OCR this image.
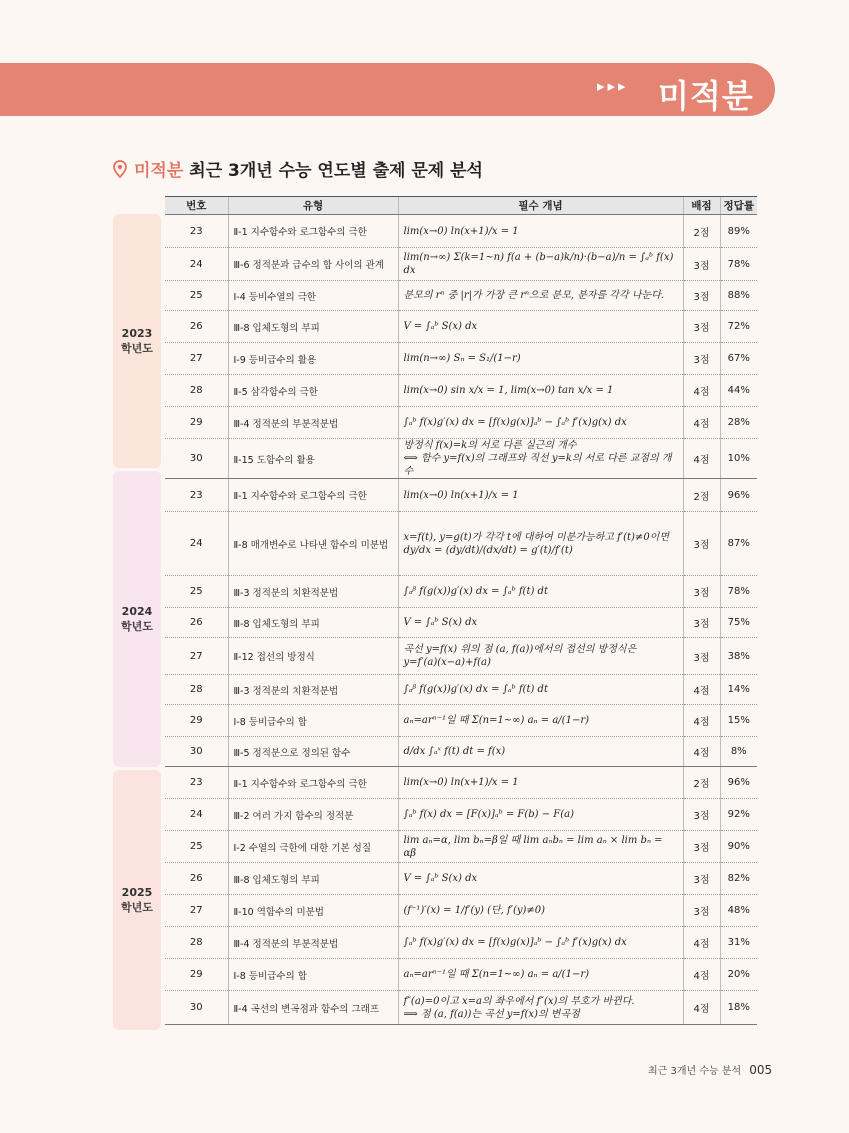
▸▸▸ 미적분
미적분 최근 3개년 수능 연도별 출제 문제 분석
2023
학년도
2024
학년도
2025
학년도
번호	유형	필수 개념	배점	정답률
23	Ⅱ-1 지수함수와 로그함수의 극한	lim(x→0) ln(x+1)/x = 1	2점	89%
24	Ⅲ-6 정적분과 급수의 합 사이의 관계	lim(n→∞) Σ(k=1~n) f(a + (b−a)k/n)·(b−a)/n = ∫ₐᵇ f(x) dx	3점	78%
25	Ⅰ-4 등비수열의 극한	분모의 rⁿ 중 |r|가 가장 큰 rⁿ으로 분모, 분자를 각각 나눈다.	3점	88%
26	Ⅲ-8 입체도형의 부피	V = ∫ₐᵇ S(x) dx	3점	72%
27	Ⅰ-9 등비급수의 활용	lim(n→∞) Sₙ = S₁/(1−r)	3점	67%
28	Ⅱ-5 삼각함수의 극한	lim(x→0) sin x/x = 1, lim(x→0) tan x/x = 1	4점	44%
29	Ⅲ-4 정적분의 부분적분법	∫ₐᵇ f(x)g′(x) dx = [f(x)g(x)]ₐᵇ − ∫ₐᵇ f′(x)g(x) dx	4점	28%
30	Ⅱ-15 도함수의 활용	방정식 f(x)=k의 서로 다른 실근의 개수
⟺ 함수 y=f(x)의 그래프와 직선 y=k의 서로 다른 교점의 개수	4점	10%
23	Ⅱ-1 지수함수와 로그함수의 극한	lim(x→0) ln(x+1)/x = 1	2점	96%
24	Ⅱ-8 매개변수로 나타낸 함수의 미분법	x=f(t), y=g(t)가 각각 t에 대하여 미분가능하고 f′(t)≠0이면
dy/dx = (dy/dt)/(dx/dt) = g′(t)/f′(t)	3점	87%
25	Ⅲ-3 정적분의 치환적분법	∫ₐᵝ f(g(x))g′(x) dx = ∫ₐᵇ f(t) dt	3점	78%
26	Ⅲ-8 입체도형의 부피	V = ∫ₐᵇ S(x) dx	3점	75%
27	Ⅱ-12 접선의 방정식	곡선 y=f(x) 위의 점 (a, f(a))에서의 접선의 방정식은
y=f′(a)(x−a)+f(a)	3점	38%
28	Ⅲ-3 정적분의 치환적분법	∫ₐᵝ f(g(x))g′(x) dx = ∫ₐᵇ f(t) dt	4점	14%
29	Ⅰ-8 등비급수의 합	aₙ=arⁿ⁻¹일 때 Σ(n=1~∞) aₙ = a/(1−r)	4점	15%
30	Ⅲ-5 정적분으로 정의된 함수	d/dx ∫ₐˣ f(t) dt = f(x)	4점	8%
23	Ⅱ-1 지수함수와 로그함수의 극한	lim(x→0) ln(x+1)/x = 1	2점	96%
24	Ⅲ-2 여러 가지 함수의 정적분	∫ₐᵇ f(x) dx = [F(x)]ₐᵇ = F(b) − F(a)	3점	92%
25	Ⅰ-2 수열의 극한에 대한 기본 성질	lim aₙ=α, lim bₙ=β일 때 lim aₙbₙ = lim aₙ × lim bₙ = αβ	3점	90%
26	Ⅲ-8 입체도형의 부피	V = ∫ₐᵇ S(x) dx	3점	82%
27	Ⅱ-10 역함수의 미분법	(f⁻¹)′(x) = 1/f′(y) (단, f′(y)≠0)	3점	48%
28	Ⅲ-4 정적분의 부분적분법	∫ₐᵇ f(x)g′(x) dx = [f(x)g(x)]ₐᵇ − ∫ₐᵇ f′(x)g(x) dx	4점	31%
29	Ⅰ-8 등비급수의 합	aₙ=arⁿ⁻¹일 때 Σ(n=1~∞) aₙ = a/(1−r)	4점	20%
30	Ⅱ-4 곡선의 변곡점과 함수의 그래프	f″(a)=0이고 x=a의 좌우에서 f″(x)의 부호가 바뀐다.
⟹ 점 (a, f(a))는 곡선 y=f(x)의 변곡점	4점	18%
최근 3개년 수능 분석 005
